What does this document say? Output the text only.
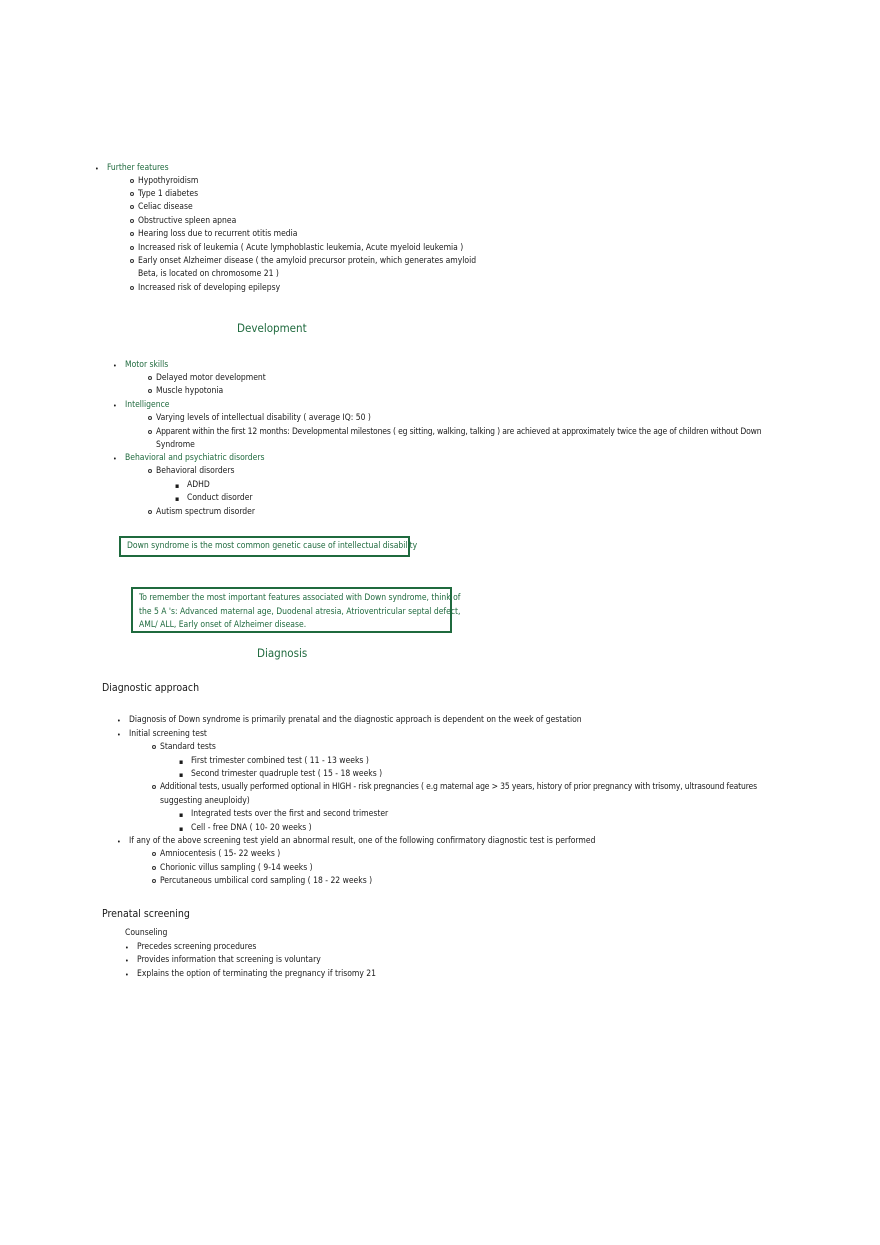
• Further features
Hypothyroidism
Type 1 diabetes
Celiac disease
Obstructive spleen apnea
Hearing loss due to recurrent otitis media
Increased risk of leukemia ( Acute lymphoblastic leukemia, Acute myeloid leukemia )
Early onset Alzheimer disease ( the amyloid precursor protein, which generates amyloid
Beta, is located on chromosome 21 )
Increased risk of developing epilepsy
Development
• Motor skills
Delayed motor development
Muscle hypotonia
• Intelligence
Varying levels of intellectual disability ( average IQ: 50 )
Apparent within the first 12 months: Developmental milestones ( eg sitting, walking, talking ) are achieved at approximately twice the age of children without Down
Syndrome
• Behavioral and psychiatric disorders
Behavioral disorders
▪ ADHD
▪ Conduct disorder
Autism spectrum disorder
Down syndrome is the most common genetic cause of intellectual disability
To remember the most important features associated with Down syndrome, think of
the 5 A 's: Advanced maternal age, Duodenal atresia, Atrioventricular septal defect,
AML/ ALL, Early onset of Alzheimer disease.
Diagnosis
Diagnostic approach
• Diagnosis of Down syndrome is primarily prenatal and the diagnostic approach is dependent on the week of gestation
• Initial screening test
Standard tests
▪ First trimester combined test ( 11 - 13 weeks )
▪ Second trimester quadruple test ( 15 - 18 weeks )
Additional tests, usually performed optional in HIGH - risk pregnancies ( e.g maternal age > 35 years, history of prior pregnancy with trisomy, ultrasound features
suggesting aneuploidy)
▪ Integrated tests over the first and second trimester
▪ Cell - free DNA ( 10- 20 weeks )
• If any of the above screening test yield an abnormal result, one of the following confirmatory diagnostic test is performed
Amniocentesis ( 15- 22 weeks )
Chorionic villus sampling ( 9-14 weeks )
Percutaneous umbilical cord sampling ( 18 - 22 weeks )
Prenatal screening
Counseling
• Precedes screening procedures
• Provides information that screening is voluntary
• Explains the option of terminating the pregnancy if trisomy 21
